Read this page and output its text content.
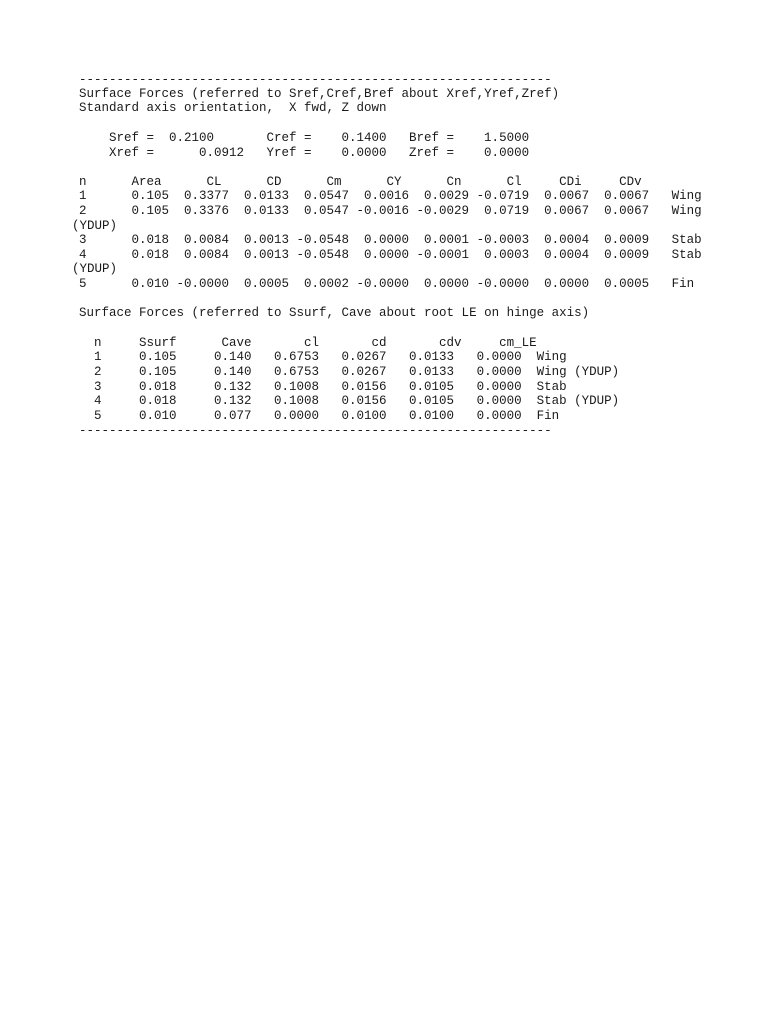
---------------------------------------------------------------
Surface Forces (referred to Sref,Cref,Bref about Xref,Yref,Zref)
Standard axis orientation,  X fwd, Z down
Sref =  0.2100       Cref =    0.1400   Bref =    1.5000
Xref =      0.0912   Yref =    0.0000   Zref =    0.0000
n      Area      CL      CD      Cm      CY      Cn      Cl     CDi     CDv
1      0.105  0.3377  0.0133  0.0547  0.0016  0.0029 -0.0719  0.0067  0.0067   Wing
2      0.105  0.3376  0.0133  0.0547 -0.0016 -0.0029  0.0719  0.0067  0.0067   Wing
(YDUP)
3      0.018  0.0084  0.0013 -0.0548  0.0000  0.0001 -0.0003  0.0004  0.0009   Stab
4      0.018  0.0084  0.0013 -0.0548  0.0000 -0.0001  0.0003  0.0004  0.0009   Stab
(YDUP)
5      0.010 -0.0000  0.0005  0.0002 -0.0000  0.0000 -0.0000  0.0000  0.0005   Fin
Surface Forces (referred to Ssurf, Cave about root LE on hinge axis)
n     Ssurf      Cave       cl       cd       cdv     cm_LE
1     0.105     0.140   0.6753   0.0267   0.0133   0.0000  Wing
2     0.105     0.140   0.6753   0.0267   0.0133   0.0000  Wing (YDUP)
3     0.018     0.132   0.1008   0.0156   0.0105   0.0000  Stab
4     0.018     0.132   0.1008   0.0156   0.0105   0.0000  Stab (YDUP)
5     0.010     0.077   0.0000   0.0100   0.0100   0.0000  Fin
---------------------------------------------------------------
